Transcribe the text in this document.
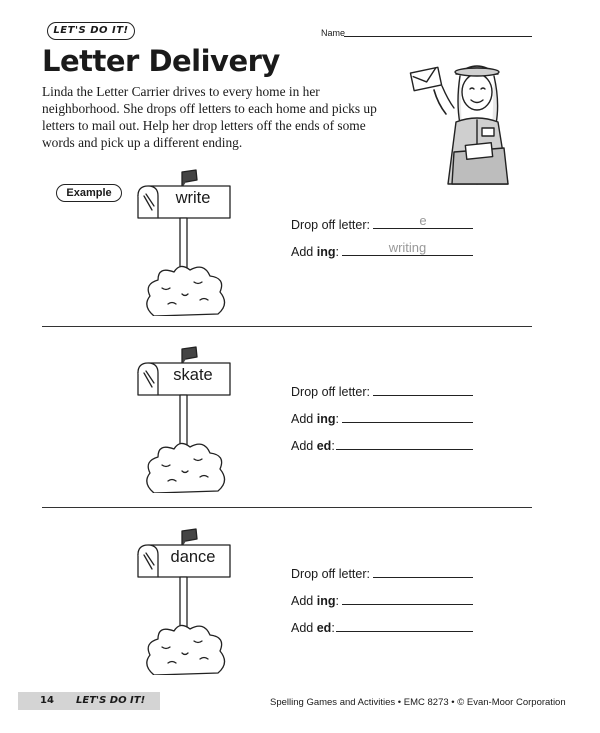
LET'S DO IT!	Name
Letter Delivery
Linda the Letter Carrier drives to every home in her neighborhood. She drops off letters to each home and picks up letters to mail out. Help her drop letters off the ends of some words and pick up a different ending.
Example	write
Drop off letter:	e
Add ing:	writing
skate
Drop off letter:
Add ing:
Add ed:
dance
Drop off letter:
Add ing:
Add ed:
14 LET'S DO IT!	Spelling Games and Activities • EMC 8273 • © Evan-Moor Corporation
